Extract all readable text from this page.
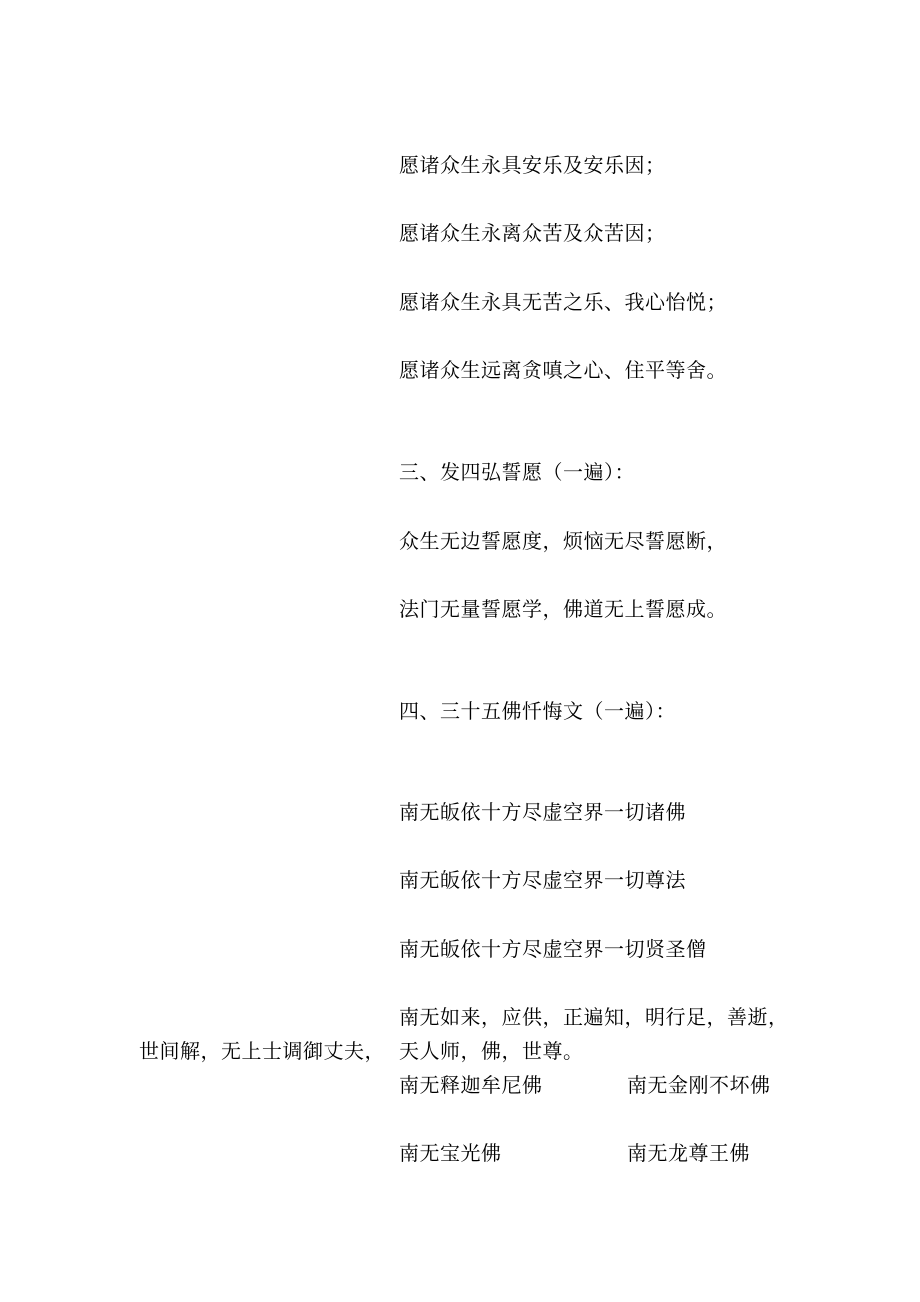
愿诸众生永具安乐及安乐因；
愿诸众生永离众苦及众苦因；
愿诸众生永具无苦之乐、我心怡悦；
愿诸众生远离贪嗔之心、住平等舍。
三、发四弘誓愿（一遍）：
众生无边誓愿度，烦恼无尽誓愿断，
法门无量誓愿学，佛道无上誓愿成。
四、三十五佛忏悔文（一遍）：
南无皈依十方尽虚空界一切诸佛
南无皈依十方尽虚空界一切尊法
南无皈依十方尽虚空界一切贤圣僧
南无如来，应供，正遍知，明行足，善逝，
世间解，无上士调御丈夫， 天人师，佛，世尊。
南无释迦牟尼佛	南无金刚不坏佛
南无宝光佛	南无龙尊王佛
